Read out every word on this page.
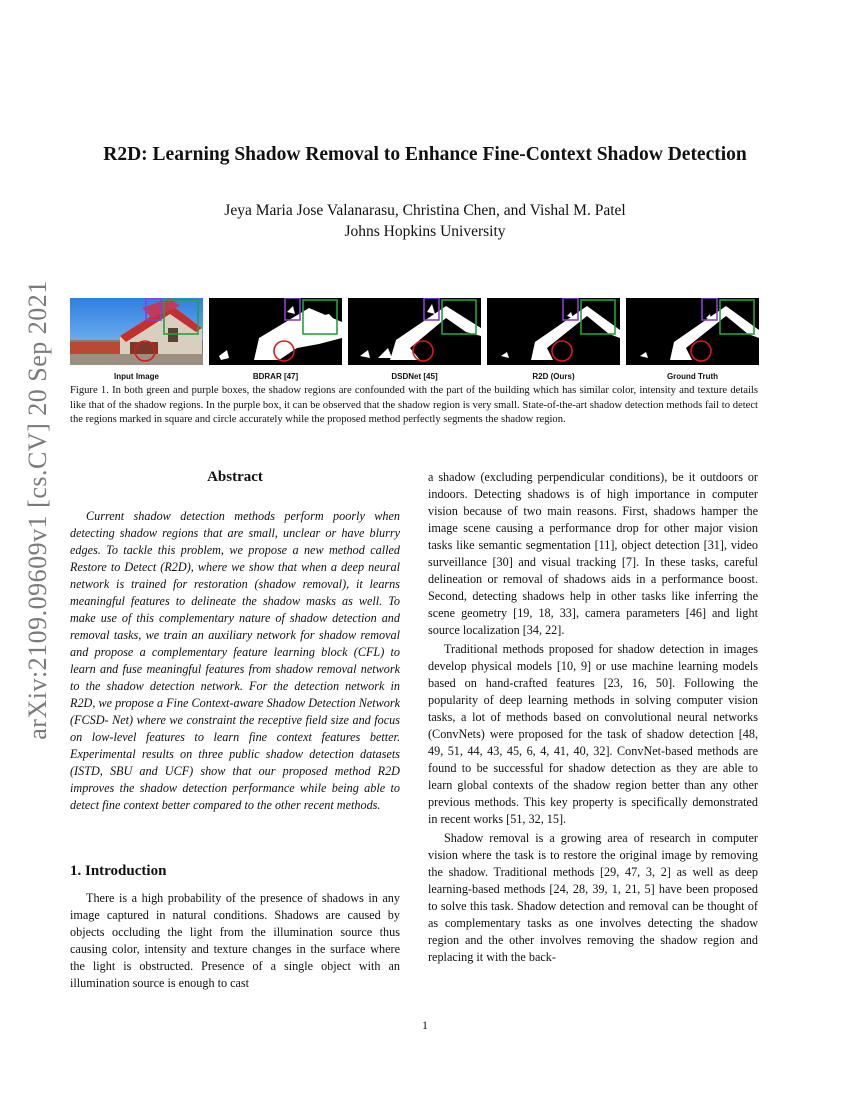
arXiv:2109.09609v1 [cs.CV] 20 Sep 2021
R2D: Learning Shadow Removal to Enhance Fine-Context Shadow Detection
Jeya Maria Jose Valanarasu, Christina Chen, and Vishal M. Patel
Johns Hopkins University
Input Image	BDRAR [47]	DSDNet [45]	R2D (Ours)	Ground Truth
Figure 1. In both green and purple boxes, the shadow regions are confounded with the part of the building which has similar color, intensity and texture details like that of the shadow regions. In the purple box, it can be observed that the shadow region is very small. State-of-the-art shadow detection methods fail to detect the regions marked in square and circle accurately while the proposed method perfectly segments the shadow region.
Abstract

Current shadow detection methods perform poorly when detecting shadow regions that are small, unclear or have blurry edges. To tackle this problem, we propose a new method called Restore to Detect (R2D), where we show that when a deep neural network is trained for restoration (shadow removal), it learns meaningful features to delineate the shadow masks as well. To make use of this complementary nature of shadow detection and removal tasks, we train an auxiliary network for shadow removal and propose a complementary feature learning block (CFL) to learn and fuse meaningful features from shadow removal network to the shadow detection network. For the detection network in R2D, we propose a Fine Context-aware Shadow Detection Network (FCSD- Net) where we constraint the receptive field size and focus on low-level features to learn fine context features better. Experimental results on three public shadow detection datasets (ISTD, SBU and UCF) show that our proposed method R2D improves the shadow detection performance while being able to detect fine context better compared to the other recent methods.

1. Introduction

There is a high probability of the presence of shadows in any image captured in natural conditions. Shadows are caused by objects occluding the light from the illumination source thus causing color, intensity and texture changes in the surface where the light is obstructed. Presence of a single object with an illumination source is enough to cast

a shadow (excluding perpendicular conditions), be it outdoors or indoors. Detecting shadows is of high importance in computer vision because of two main reasons. First, shadows hamper the image scene causing a performance drop for other major vision tasks like semantic segmentation [11], object detection [31], video surveillance [30] and visual tracking [7]. In these tasks, careful delineation or removal of shadows aids in a performance boost. Second, detecting shadows help in other tasks like inferring the scene geometry [19, 18, 33], camera parameters [46] and light source localization [34, 22].

Traditional methods proposed for shadow detection in images develop physical models [10, 9] or use machine learning models based on hand-crafted features [23, 16, 50]. Following the popularity of deep learning methods in solving computer vision tasks, a lot of methods based on convolutional neural networks (ConvNets) were proposed for the task of shadow detection [48, 49, 51, 44, 43, 45, 6, 4, 41, 40, 32]. ConvNet-based methods are found to be successful for shadow detection as they are able to learn global contexts of the shadow region better than any other previous methods. This key property is specifically demonstrated in recent works [51, 32, 15].

Shadow removal is a growing area of research in computer vision where the task is to restore the original image by removing the shadow. Traditional methods [29, 47, 3, 2] as well as deep learning-based methods [24, 28, 39, 1, 21, 5] have been proposed to solve this task. Shadow detection and removal can be thought of as complementary tasks as one involves detecting the shadow region and the other involves removing the shadow region and replacing it with the back-

1
